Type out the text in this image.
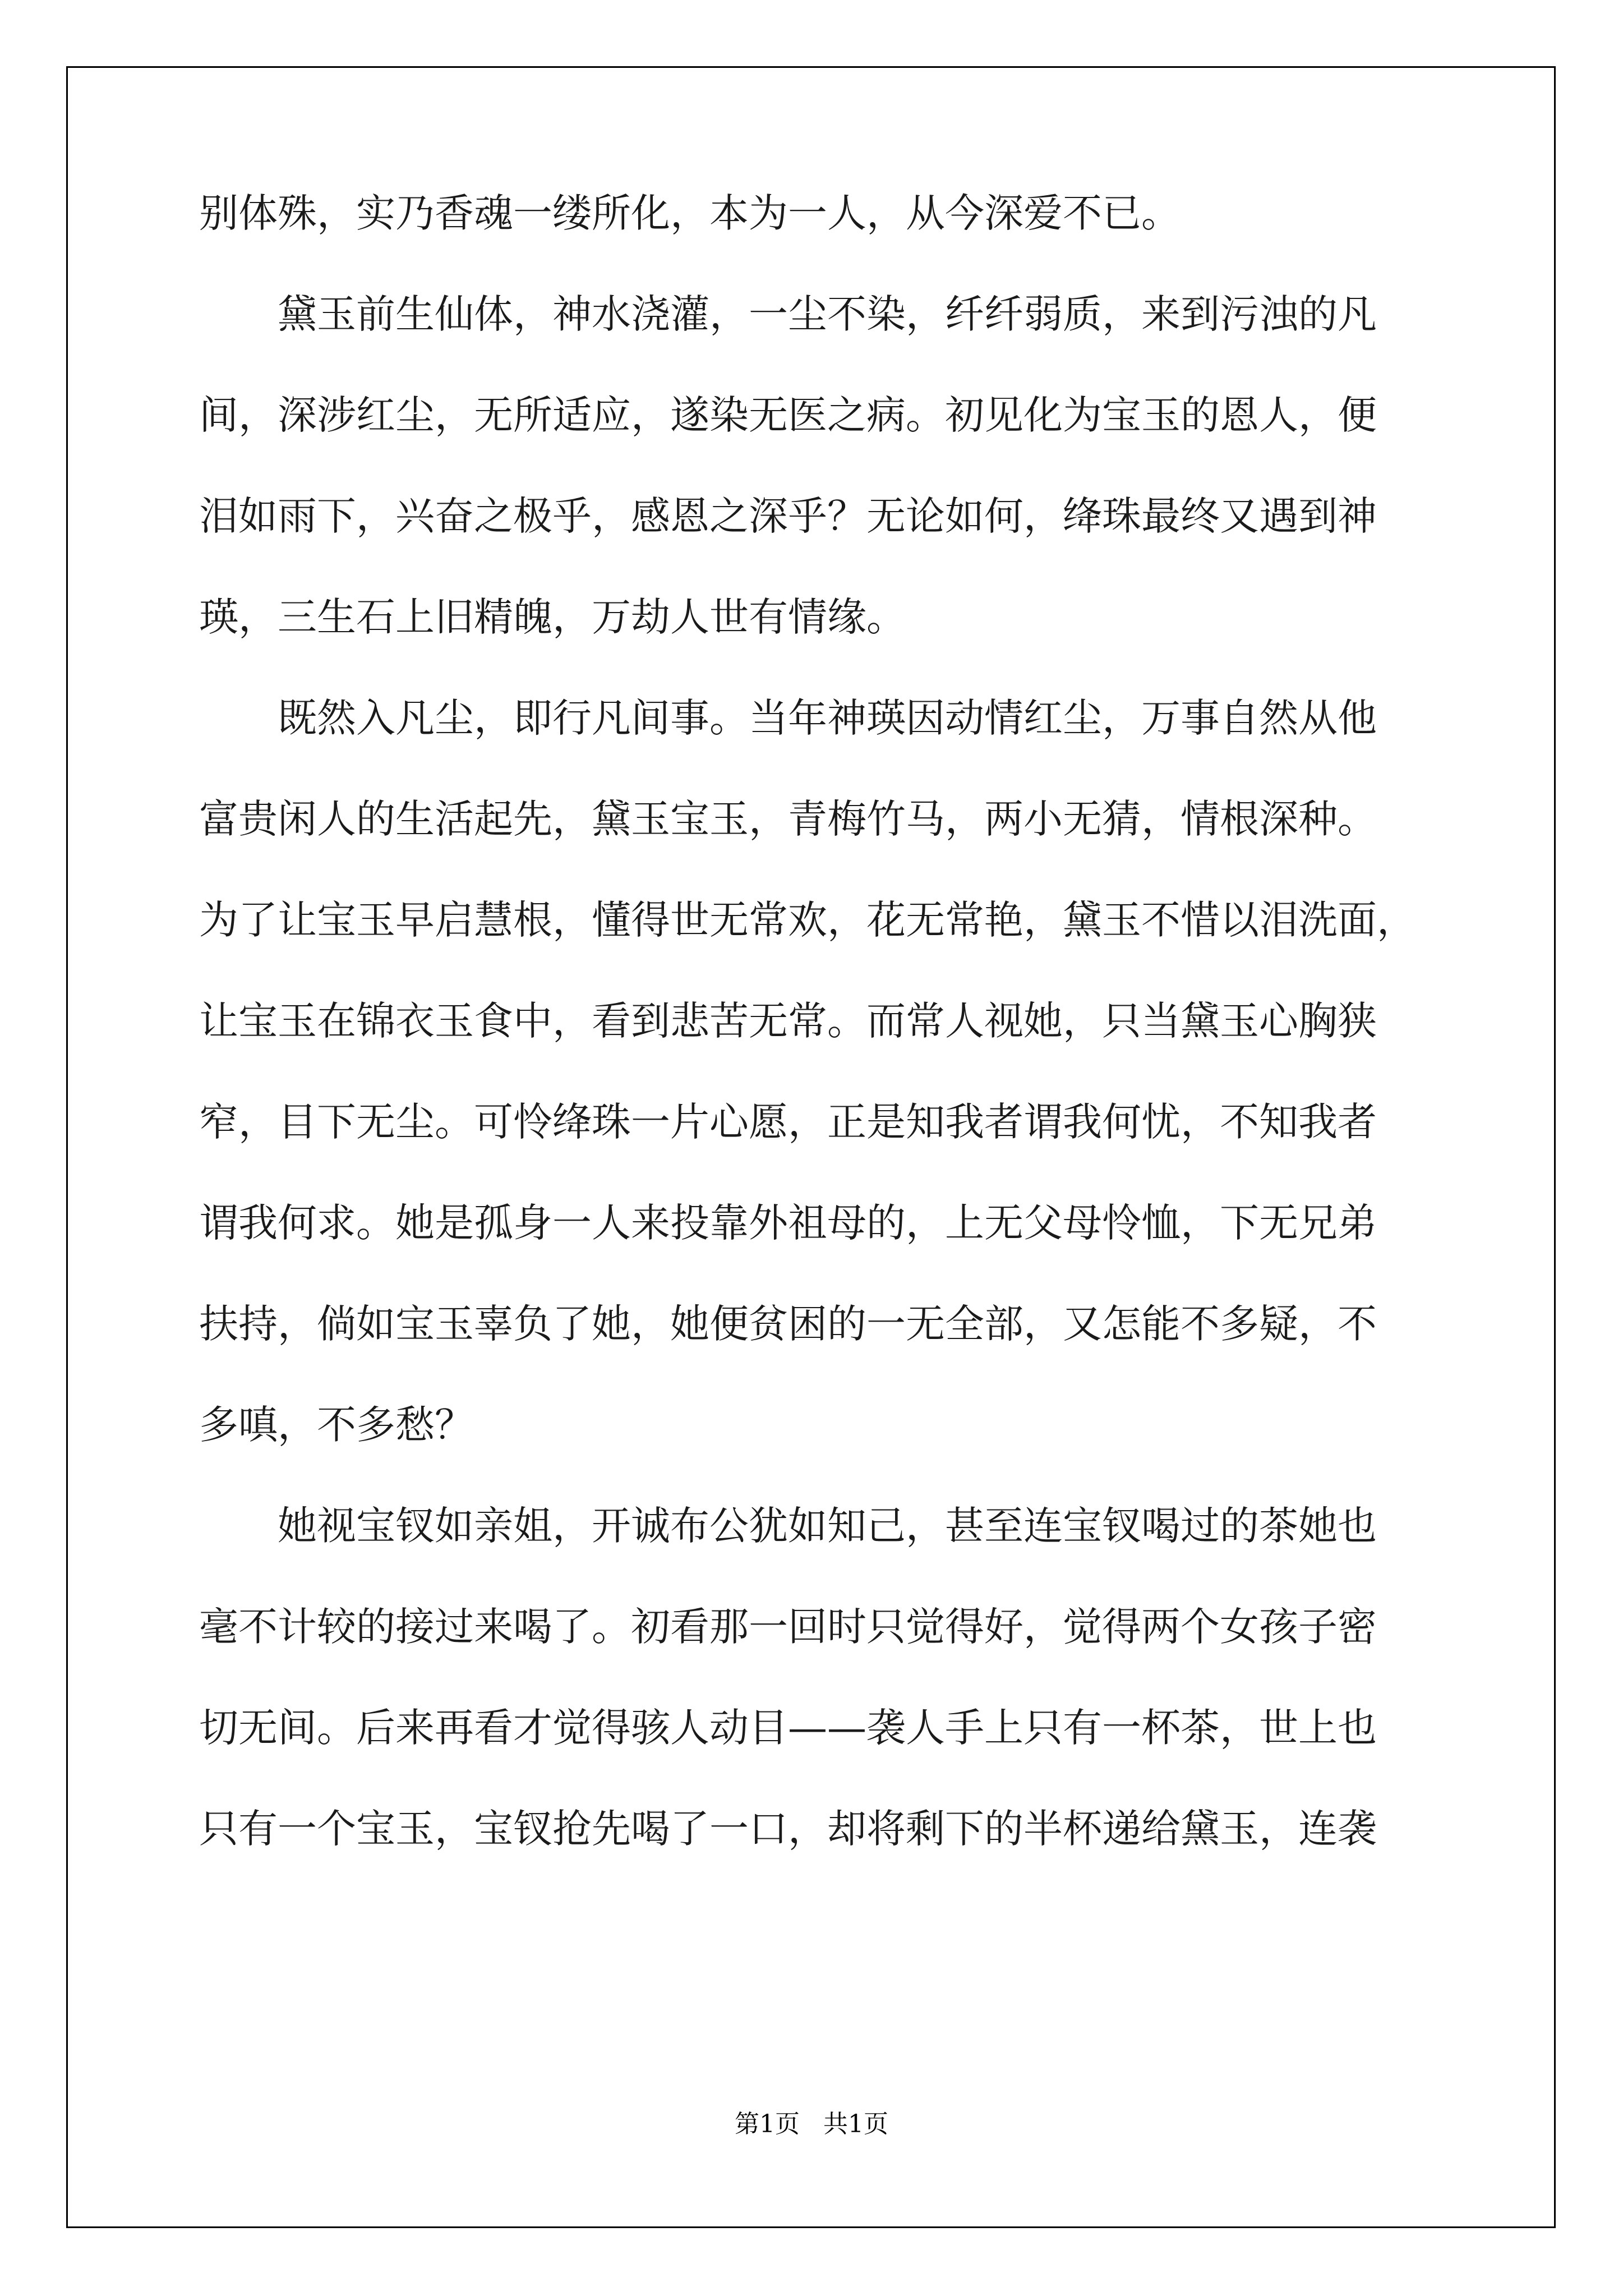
别体殊，实乃香魂一缕所化，本为一人，从今深爱不已。
　　黛玉前生仙体，神水浇灌，一尘不染，纤纤弱质，来到污浊的凡
间，深涉红尘，无所适应，遂染无医之病。初见化为宝玉的恩人，便
泪如雨下，兴奋之极乎，感恩之深乎？无论如何，绛珠最终又遇到神
瑛，三生石上旧精魄，万劫人世有情缘。
　　既然入凡尘，即行凡间事。当年神瑛因动情红尘，万事自然从他
富贵闲人的生活起先，黛玉宝玉，青梅竹马，两小无猜，情根深种。
为了让宝玉早启慧根，懂得世无常欢，花无常艳，黛玉不惜以泪洗面，
让宝玉在锦衣玉食中，看到悲苦无常。而常人视她，只当黛玉心胸狭
窄，目下无尘。可怜绛珠一片心愿，正是知我者谓我何忧，不知我者
谓我何求。她是孤身一人来投靠外祖母的，上无父母怜恤，下无兄弟
扶持，倘如宝玉辜负了她，她便贫困的一无全部，又怎能不多疑，不
多嗔，不多愁？
　　她视宝钗如亲姐，开诚布公犹如知己，甚至连宝钗喝过的茶她也
毫不计较的接过来喝了。初看那一回时只觉得好，觉得两个女孩子密
切无间。后来再看才觉得骇人动目——袭人手上只有一杯茶，世上也
只有一个宝玉，宝钗抢先喝了一口，却将剩下的半杯递给黛玉，连袭
第1页   共1页
